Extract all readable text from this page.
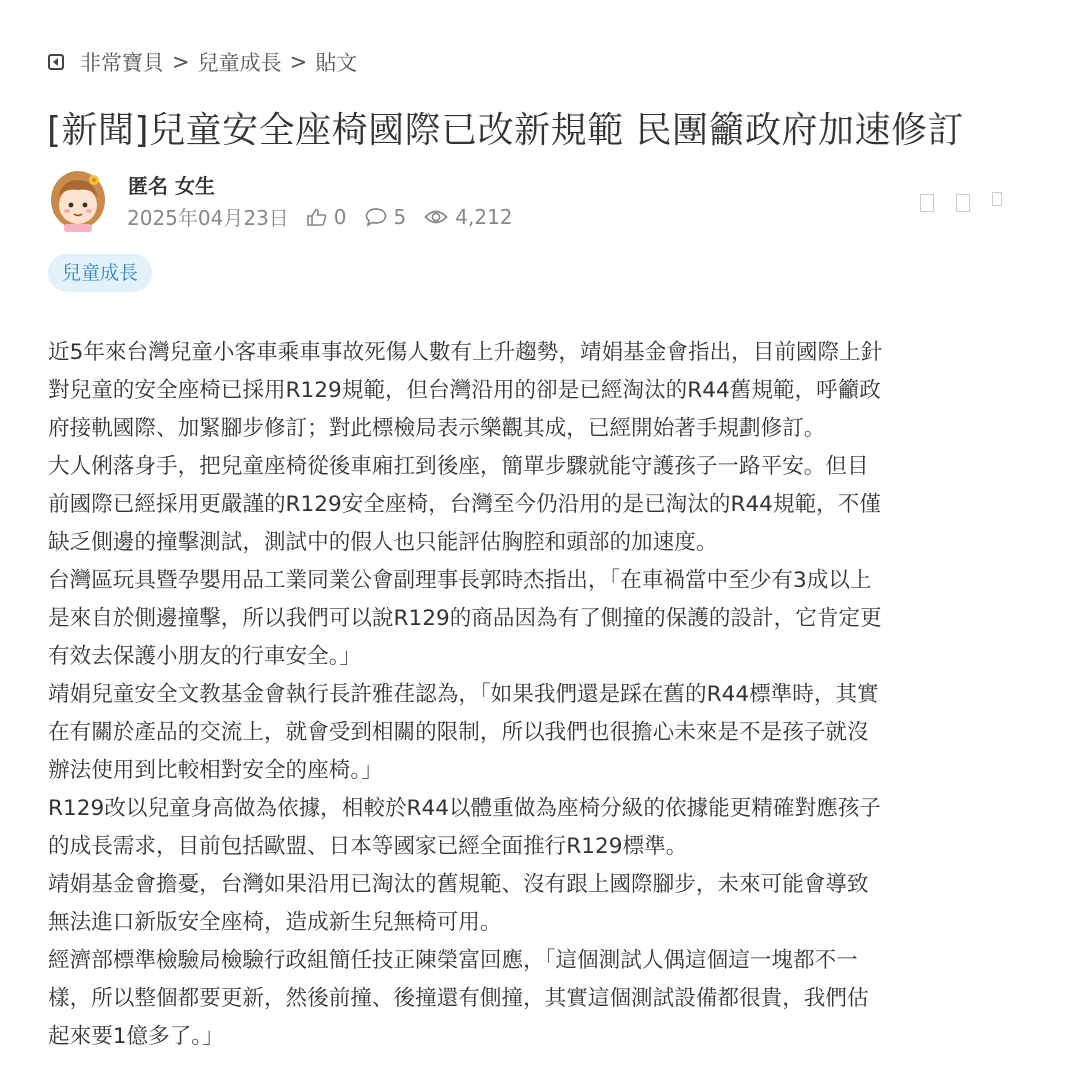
非常寶貝 > 兒童成長 > 貼文
[新聞]兒童安全座椅國際已改新規範 民團籲政府加速修訂
匿名 女生
2025年04月23日 0 5 4,212
兒童成長

近5年來台灣兒童小客車乘車事故死傷人數有上升趨勢，靖娟基金會指出，目前國際上針

對兒童的安全座椅已採用R129規範，但台灣沿用的卻是已經淘汰的R44舊規範，呼籲政

府接軌國際、加緊腳步修訂；對此標檢局表示樂觀其成，已經開始著手規劃修訂。

大人俐落身手，把兒童座椅從後車廂扛到後座，簡單步驟就能守護孩子一路平安。但目

前國際已經採用更嚴謹的R129安全座椅，台灣至今仍沿用的是已淘汰的R44規範，不僅

缺乏側邊的撞擊測試，測試中的假人也只能評估胸腔和頭部的加速度。

台灣區玩具暨孕嬰用品工業同業公會副理事長郭時杰指出，「在車禍當中至少有3成以上

是來自於側邊撞擊，所以我們可以說R129的商品因為有了側撞的保護的設計，它肯定更

有效去保護小朋友的行車安全。」

靖娟兒童安全文教基金會執行長許雅荏認為，「如果我們還是踩在舊的R44標準時，其實

在有關於產品的交流上，就會受到相關的限制，所以我們也很擔心未來是不是孩子就沒

辦法使用到比較相對安全的座椅。」

R129改以兒童身高做為依據，相較於R44以體重做為座椅分級的依據能更精確對應孩子

的成長需求，目前包括歐盟、日本等國家已經全面推行R129標準。

靖娟基金會擔憂，台灣如果沿用已淘汰的舊規範、沒有跟上國際腳步，未來可能會導致

無法進口新版安全座椅，造成新生兒無椅可用。

經濟部標準檢驗局檢驗行政組簡任技正陳榮富回應，「這個測試人偶這個這一塊都不一

樣，所以整個都要更新，然後前撞、後撞還有側撞，其實這個測試設備都很貴，我們估

起來要1億多了。」
